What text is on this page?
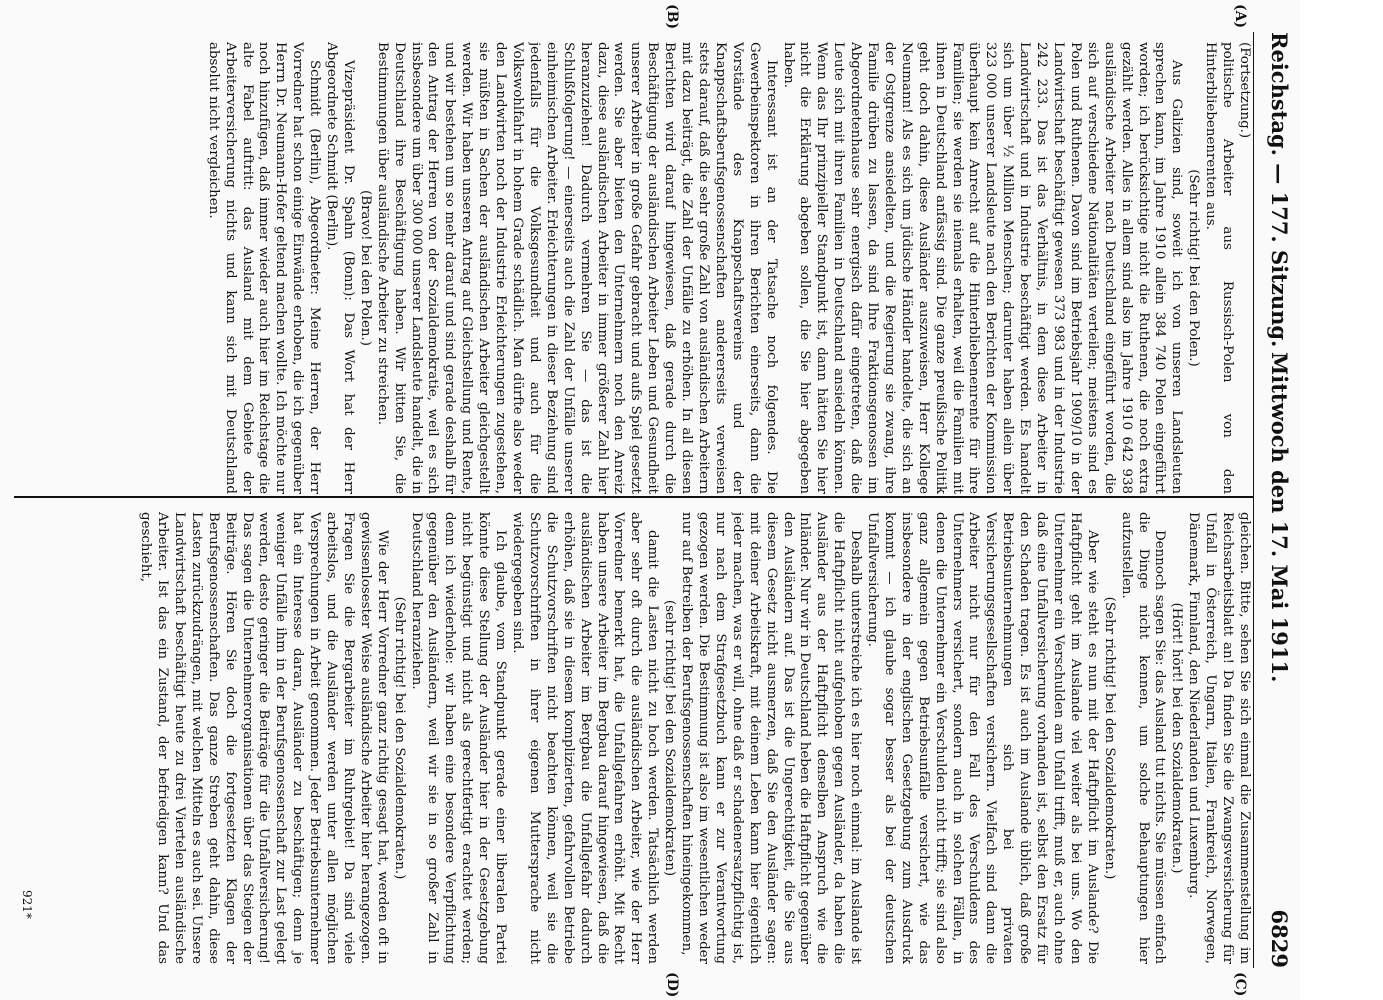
Reichstag. — 177. Sitzung.
Mittwoch den 17. Mai 1911.
6829
(A)
(B)
(C)
(D)

(Fortsetzung.)

politische Arbeiter aus Russisch-Polen von den Hinterbliebenenrenten aus.

(Sehr richtig! bei den Polen.)

Aus Galizien sind, soweit ich von unseren Landsleuten sprechen kann, im Jahre 1910 allein 384 740 Polen eingeführt worden; ich berücksichtige nicht die Ruthenen, die noch extra gezählt werden. Alles in allem sind also im Jahre 1910 642 938 ausländische Arbeiter nach Deutschland eingeführt worden, die sich auf verschiedene Nationalitäten verteilen; meistens sind es Polen und Ruthenen. Davon sind im Betriebsjahr 1909/10 in der Landwirtschaft beschäftigt gewesen 373 983 und in der Industrie 242 233. Das ist das Verhältnis, in dem diese Arbeiter in Landwirtschaft und in Industrie beschäftigt werden. Es handelt sich um über ½ Million Menschen; darunter haben allein über 323 000 unserer Landsleute nach den Berichten der Kommission überhaupt kein Anrecht auf die Hinterbliebenenrente für ihre Familien; sie werden sie niemals erhalten, weil die Familien mit ihnen in Deutschland anfässig sind. Die ganze preußische Politik geht doch dahin, diese Ausländer auszuweisen, Herr Kollege Neumann! Als es sich um jüdische Händler handelte, die sich an der Ostgrenze ansiedelten, und die Regierung sie zwang, ihre Familie drüben zu lassen, da sind Ihre Fraktionsgenossen im Abgeordnetenhause sehr energisch dafür eingetreten, daß die Leute sich mit ihren Familien in Deutschland ansiedeln können. Wenn das Ihr prinzipieller Standpunkt ist, dann hätten Sie hier nicht die Erklärung abgeben sollen, die Sie hier abgegeben haben.

Interessant ist an der Tatsache noch folgendes. Die Gewerbeinspektoren in ihren Berichten einerseits, dann die Vorstände des Knappschaftsvereins und der Knappschaftsberufsgenossenschaften andererseits verweisen stets darauf, daß die sehr große Zahl von ausländischen Arbeitern mit dazu beiträgt, die Zahl der Unfälle zu erhöhen. In all diesen Berichten wird darauf hingewiesen, daß gerade durch die Beschäftigung der ausländischen Arbeiter Leben und Gesundheit unserer Arbeiter in große Gefahr gebracht und aufs Spiel gesetzt werden. Sie aber bieten den Unternehmern noch den Anreiz dazu, diese ausländischen Arbeiter in immer größerer Zahl hier heranzuziehen! Dadurch vermehren Sie — das ist die Schlußfolgerung! — einerseits auch die Zahl der Unfälle unserer einheimischen Arbeiter. Erleichterungen in dieser Beziehung sind jedenfalls für die Volksgesundheit und auch für die Volkswohlfahrt in hohem Grade schädlich. Man dürfte also weder den Landwirten noch der Industrie Erleichterungen zugestehen, sie müßten in Sachen der ausländischen Arbeiter gleichgestellt werden. Wir haben unseren Antrag auf Gleichstellung und Rente, und wir bestehen um so mehr darauf und sind gerade deshalb für den Antrag der Herren von der Sozialdemokratie, weil es sich insbesondere um über 300 000 unserer Landsleute handelt, die in Deutschland ihre Beschäftigung haben. Wir bitten Sie, die Bestimmungen über ausländische Arbeiter zu streichen.

(Bravo! bei den Polen.)

Vizepräsident Dr. Spahn (Bonn): Das Wort hat der Herr Abgeordnete Schmidt (Berlin).

Schmidt (Berlin), Abgeordneter: Meine Herren, der Herr Vorredner hat schon einige Einwände erhoben, die ich gegenüber Herrn Dr. Neumann-Hofer geltend machen wollte. Ich möchte nur noch hinzufügen, daß immer wieder auch hier im Reichstage die alte Fabel auftritt: das Ausland mit dem Gebiete der Arbeiterversicherung nichts und kann sich mit Deutschland absolut nicht vergleichen.

gleichen. Bitte, sehen Sie sich einmal die Zusammenstellung im Reichsarbeitsblatt an! Da finden Sie die Zwangsversicherung für Unfall in Österreich, Ungarn, Italien, Frankreich, Norwegen, Dänemark, Finnland, den Niederlanden und Luxemburg.

(Hört! hört! bei den Sozialdemokraten.)

Dennoch sagen Sie: das Ausland tut nichts. Sie müssen einfach die Dinge nicht kennen, um solche Behauptungen hier aufzustellen.

(Sehr richtig! bei den Sozialdemokraten.)

Aber wie steht es nun mit der Haftpflicht im Auslande? Die Haftpflicht geht im Auslande viel weiter als bei uns. Wo den Unternehmer ein Verschulden am Unfall trifft, muß er, auch ohne daß eine Unfallversicherung vorhanden ist, selbst den Ersatz für den Schaden tragen. Es ist auch im Auslande üblich, daß große Betriebsunternehmungen sich bei privaten Versicherungsgesellschaften versichern. Vielfach sind dann die Arbeiter nicht nur für den Fall des Verschuldens des Unternehmers versichert, sondern auch in solchen Fällen, in denen die Unternehmer ein Verschulden nicht trifft; sie sind also ganz allgemein gegen Betriebsunfälle versichert, wie das insbesondere in der englischen Gesetzgebung zum Ausdruck kommt — ich glaube sogar besser als bei der deutschen Unfallversicherung.

Deshalb unterstreiche ich es hier noch einmal: im Auslande ist die Haftpflicht nicht aufgehoben gegen Ausländer, da haben die Ausländer aus der Haftpflicht denselben Anspruch wie die Inländer. Nur wir in Deutschland heben die Haftpflicht gegenüber den Ausländern auf. Das ist die Ungerechtigkeit, die Sie aus diesem Gesetz nicht ausmerzen, daß Sie den Ausländer sagen: mit deiner Arbeitskraft, mit deinem Leben kann hier eigentlich jeder machen, was er will, ohne daß er schadenersatzpflichtig ist, nur nach dem Strafgesetzbuch kann er zur Verantwortung gezogen werden. Die Bestimmung ist also im wesentlichen weder nur auf Betreiben der Berufsgenossenschaften hineingekommen,

(sehr richtig! bei den Sozialdemokraten)

damit die Lasten nicht zu hoch werden. Tatsächlich werden aber sehr oft durch die ausländischen Arbeiter, wie der Herr Vorredner bemerkt hat, die Unfallgefahren erhöht. Mit Recht haben unsere Arbeiter im Bergbau darauf hingewiesen, daß die ausländischen Arbeiter im Bergbau die Unfallgefahr dadurch erhöhen, daß sie in diesem komplizierten, gefahrvollen Betriebe die Schutzvorschriften nicht beachten können, weil sie die Schutzvorschriften in ihrer eigenen Muttersprache nicht wiedergegeben sind.

Ich glaube, vom Standpunkt gerade einer liberalen Partei könnte diese Stellung der Ausländer hier in der Gesetzgebung nicht begünstigt und nicht als gerechtfertigt erachtet werden; denn ich wiederhole: wir haben eine besondere Verpflichtung gegenüber den Ausländern, weil wir sie in so großer Zahl in Deutschland heranziehen.

(Sehr richtig! bei den Sozialdemokraten.)

Wie der Herr Vorredner ganz richtig gesagt hat, werden oft in gewissenlosester Weise ausländische Arbeiter hier herangezogen. Fragen Sie die Bergarbeiter im Ruhrgebiet! Da sind viele arbeitslos, und die Ausländer werden unter allen möglichen Versprechungen in Arbeit genommen. Jeder Betriebsunternehmer hat ein Interesse daran, Ausländer zu beschäftigen; denn je weniger Unfälle ihm in der Berufsgenossenschaft zur Last gelegt werden, desto geringer die Beiträge für die Unfallversicherung! Das sagen die Unternehmerorganisationen über das Steigen der Beiträge. Hören Sie doch die fortgesetzten Klagen der Berufsgenossenschaften. Das ganze Streben geht dahin, diese Lasten zurückzudrängen, mit welchen Mitteln es auch sei. Unsere Landwirtschaft beschäftigt heute zu drei Viertelen ausländische Arbeiter. Ist das ein Zustand, der befriedigen kann? Und das geschieht,

921*
